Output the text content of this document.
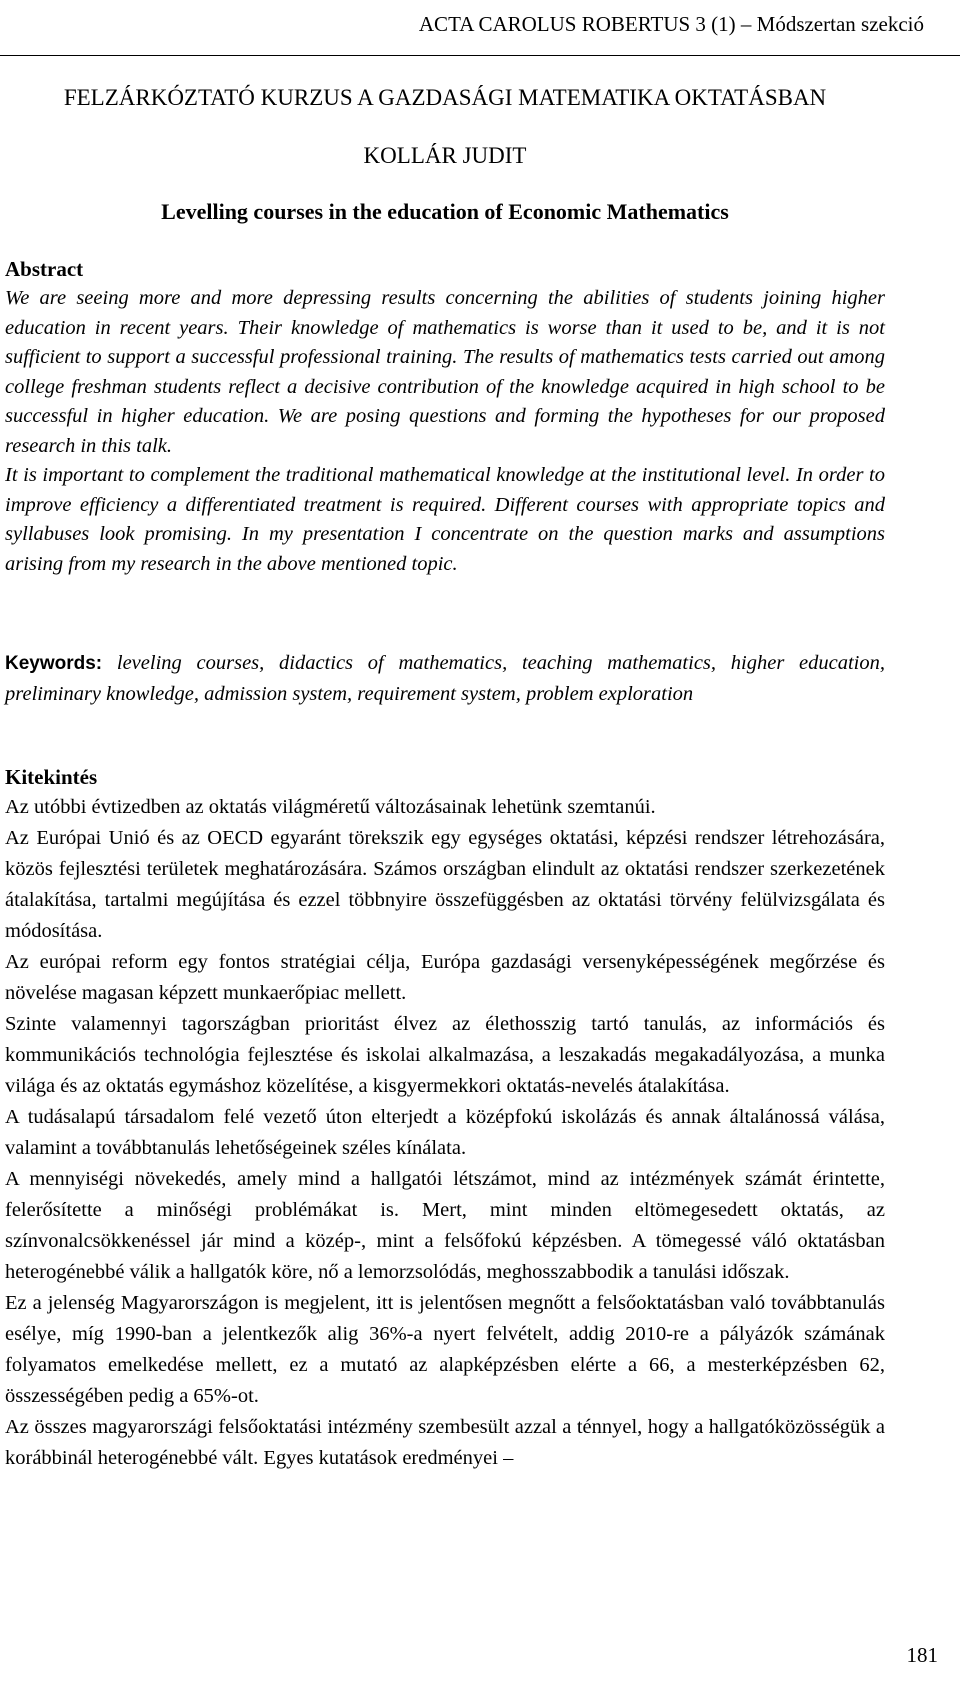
ACTA CAROLUS ROBERTUS 3 (1) – Módszertan szekció
FELZÁRKÓZTATÓ KURZUS A GAZDASÁGI MATEMATIKA OKTATÁSBAN
KOLLÁR JUDIT
Levelling courses in the education of Economic Mathematics
Abstract

We are seeing more and more depressing results concerning the abilities of students joining higher education in recent years. Their knowledge of mathematics is worse than it used to be, and it is not sufficient to support a successful professional training. The results of mathematics tests carried out among college freshman students reflect a decisive contribution of the knowledge acquired in high school to be successful in higher education. We are posing questions and forming the hypotheses for our proposed research in this talk.

It is important to complement the traditional mathematical knowledge at the institutional level. In order to improve efficiency a differentiated treatment is required. Different courses with appropriate topics and syllabuses look promising. In my presentation I concentrate on the question marks and assumptions arising from my research in the above mentioned topic.

Keywords: leveling courses, didactics of mathematics, teaching mathematics, higher education, preliminary knowledge, admission system, requirement system, problem exploration
Kitekintés

Az utóbbi évtizedben az oktatás világméretű változásainak lehetünk szemtanúi.

Az Európai Unió és az OECD egyaránt törekszik egy egységes oktatási, képzési rendszer létrehozására, közös fejlesztési területek meghatározására. Számos országban elindult az oktatási rendszer szerkezetének átalakítása, tartalmi megújítása és ezzel többnyire összefüggésben az oktatási törvény felülvizsgálata és módosítása.

Az európai reform egy fontos stratégiai célja, Európa gazdasági versenyképességének megőrzése és növelése magasan képzett munkaerőpiac mellett.

Szinte valamennyi tagországban prioritást élvez az élethosszig tartó tanulás, az információs és kommunikációs technológia fejlesztése és iskolai alkalmazása, a leszakadás megakadályozása, a munka világa és az oktatás egymáshoz közelítése, a kisgyermekkori oktatás-nevelés átalakítása.

A tudásalapú társadalom felé vezető úton elterjedt a középfokú iskolázás és annak általánossá válása, valamint a továbbtanulás lehetőségeinek széles kínálata.

A mennyiségi növekedés, amely mind a hallgatói létszámot, mind az intézmények számát érintette, felerősítette a minőségi problémákat is. Mert, mint minden eltömegesedett oktatás, az színvonalcsökkenéssel jár mind a közép-, mint a felsőfokú képzésben. A tömegessé váló oktatásban heterogénebbé válik a hallgatók köre, nő a lemorzsolódás, meghosszabbodik a tanulási időszak.

Ez a jelenség Magyarországon is megjelent, itt is jelentősen megnőtt a felsőoktatásban való továbbtanulás esélye, míg 1990-ban a jelentkezők alig 36%-a nyert felvételt, addig 2010-re a pályázók számának folyamatos emelkedése mellett, ez a mutató az alapképzésben elérte a 66, a mesterképzésben 62, összességében pedig a 65%-ot.

Az összes magyarországi felsőoktatási intézmény szembesült azzal a ténnyel, hogy a hallgatóközösségük a korábbinál heterogénebbé vált. Egyes kutatások eredményei –

181
